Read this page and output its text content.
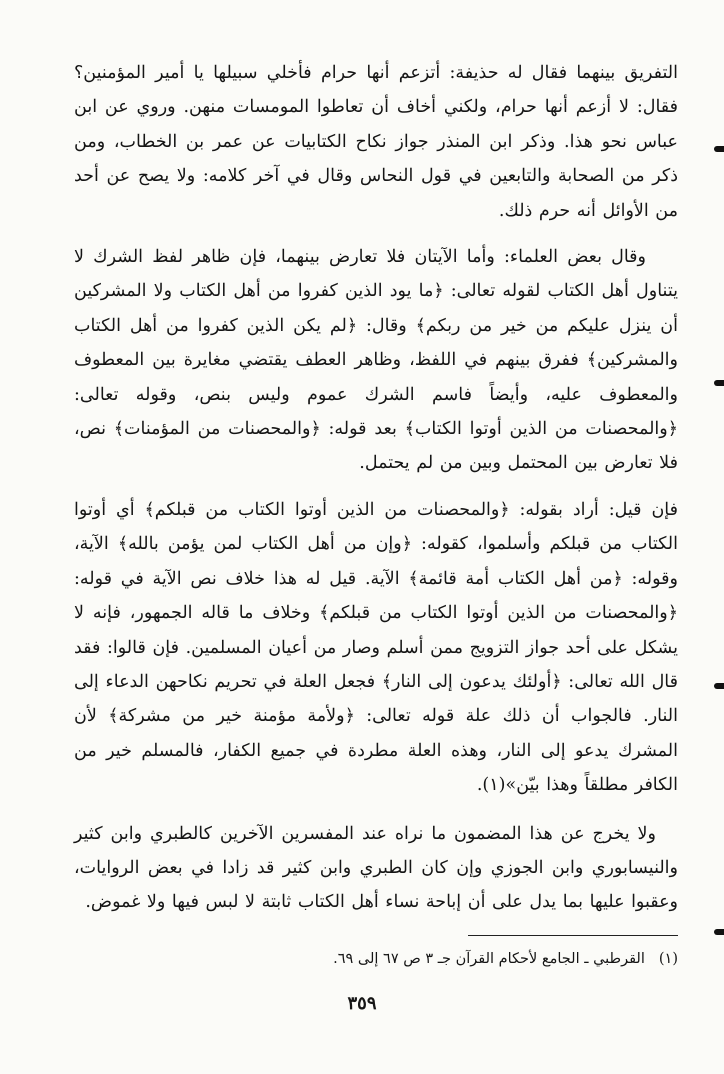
التفريق بينهما فقال له حذيفة: أتزعم أنها حرام فأخلي سبيلها يا أمير المؤمنين؟ فقال: لا أزعم أنها حرام، ولكني أخاف أن تعاطوا المومسات منهن. وروي عن ابن عباس نحو هذا. وذكر ابن المنذر جواز نكاح الكتابيات عن عمر بن الخطاب، ومن ذكر من الصحابة والتابعين في قول النحاس وقال في آخر كلامه: ولا يصح عن أحد من الأوائل أنه حرم ذلك.

وقال بعض العلماء: وأما الآيتان فلا تعارض بينهما، فإن ظاهر لفظ الشرك لا يتناول أهل الكتاب لقوله تعالى: ﴿ما يود الذين كفروا من أهل الكتاب ولا المشركين أن ينزل عليكم من خير من ربكم﴾ وقال: ﴿لم يكن الذين كفروا من أهل الكتاب والمشركين﴾ ففرق بينهم في اللفظ، وظاهر العطف يقتضي مغايرة بين المعطوف والمعطوف عليه، وأيضاً فاسم الشرك عموم وليس بنص، وقوله تعالى: ﴿والمحصنات من الذين أوتوا الكتاب﴾ بعد قوله: ﴿والمحصنات من المؤمنات﴾ نص، فلا تعارض بين المحتمل وبين من لم يحتمل.

فإن قيل: أراد بقوله: ﴿والمحصنات من الذين أوتوا الكتاب من قبلكم﴾ أي أوتوا الكتاب من قبلكم وأسلموا، كقوله: ﴿وإن من أهل الكتاب لمن يؤمن بالله﴾ الآية، وقوله: ﴿من أهل الكتاب أمة قائمة﴾ الآية. قيل له هذا خلاف نص الآية في قوله: ﴿والمحصنات من الذين أوتوا الكتاب من قبلكم﴾ وخلاف ما قاله الجمهور، فإنه لا يشكل على أحد جواز التزويج ممن أسلم وصار من أعيان المسلمين. فإن قالوا: فقد قال الله تعالى: ﴿أولئك يدعون إلى النار﴾ فجعل العلة في تحريم نكاحهن الدعاء إلى النار. فالجواب أن ذلك علة قوله تعالى: ﴿ولأمة مؤمنة خير من مشركة﴾ لأن المشرك يدعو إلى النار، وهذه العلة مطردة في جميع الكفار، فالمسلم خير من الكافر مطلقاً وهذا بيّن»(١).

ولا يخرج عن هذا المضمون ما نراه عند المفسرين الآخرين كالطبري وابن كثير والنيسابوري وابن الجوزي وإن كان الطبري وابن كثير قد زادا في بعض الروايات، وعقبوا عليها بما يدل على أن إباحة نساء أهل الكتاب ثابتة لا لبس فيها ولا غموض.

(١)القرطبي ـ الجامع لأحكام القرآن جـ ٣ ص ٦٧ إلى ٦٩.
٣٥٩
